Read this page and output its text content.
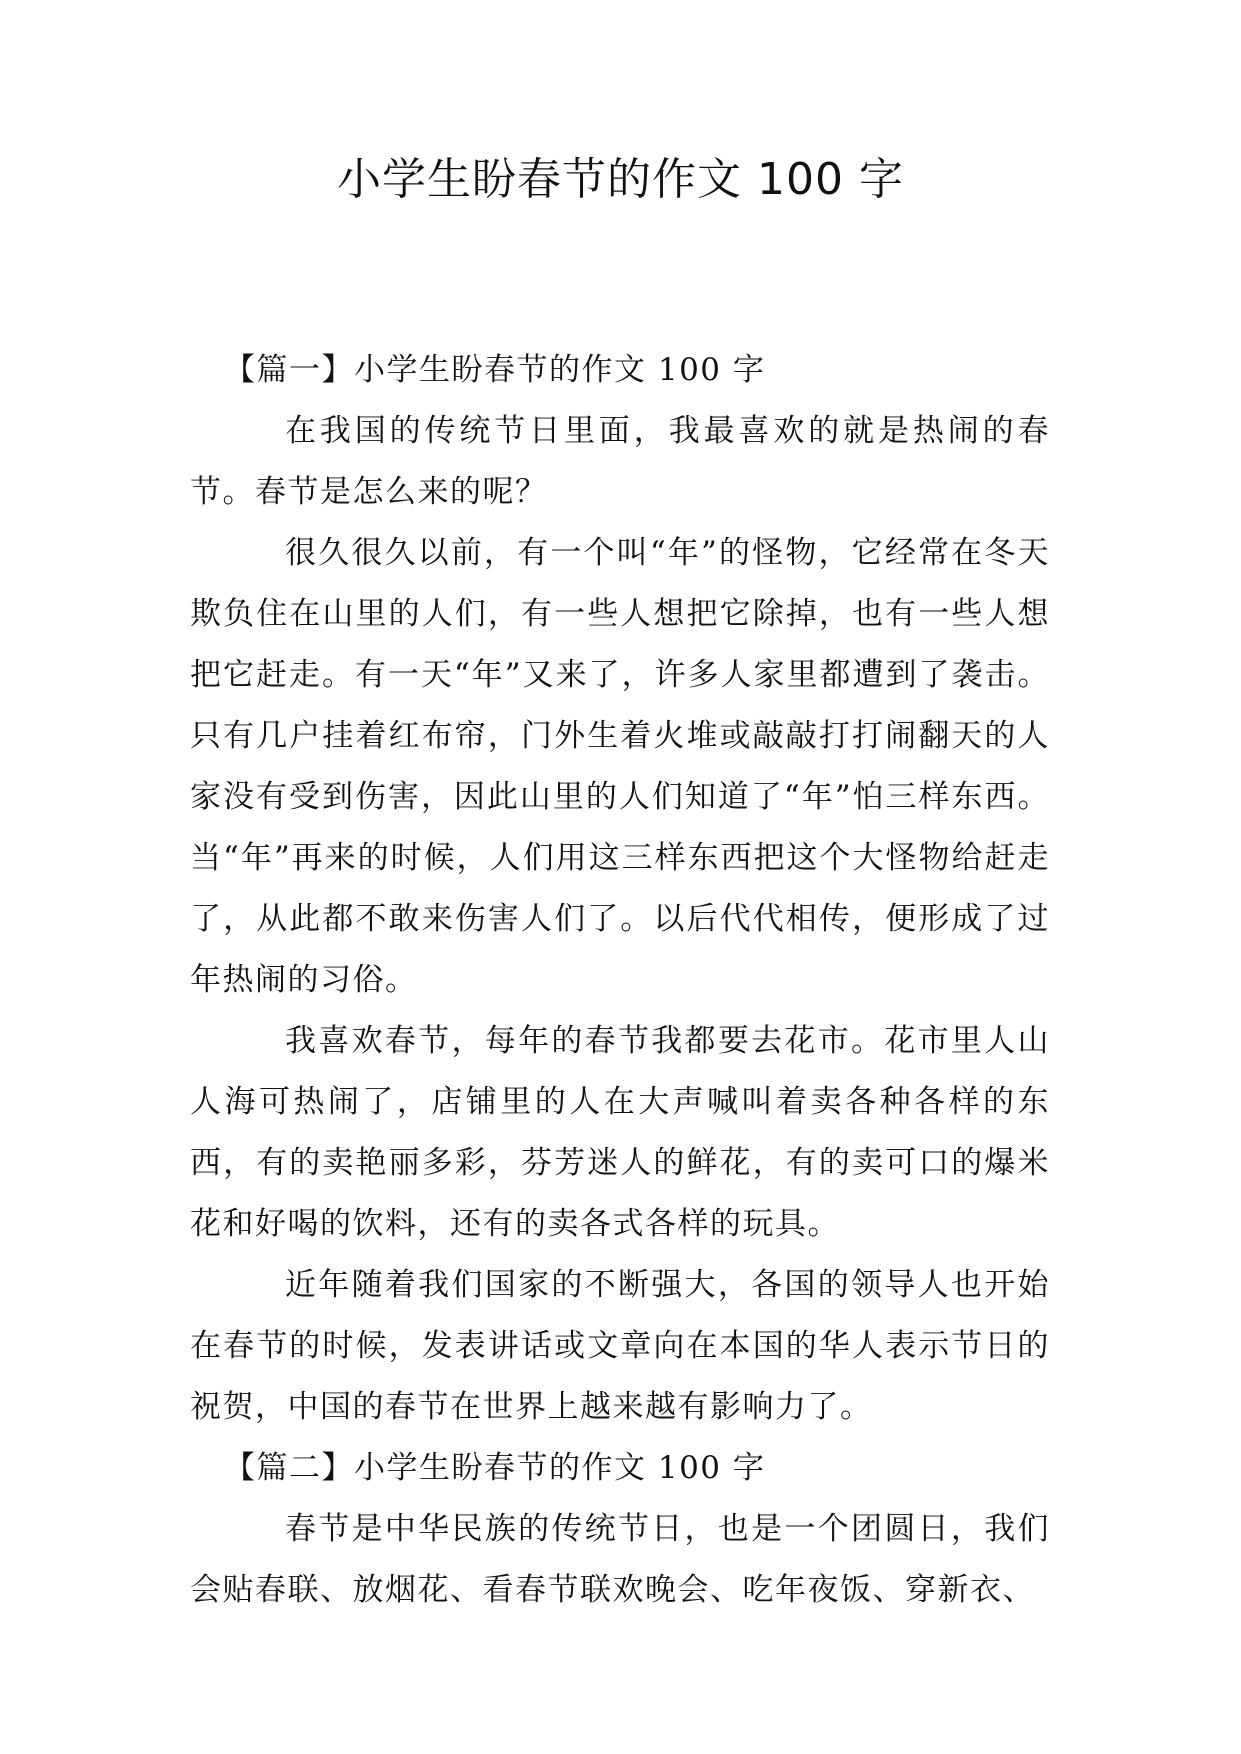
小学生盼春节的作文 100 字

【篇一】小学生盼春节的作文 100 字

在我国的传统节日里面，我最喜欢的就是热闹的春节。春节是怎么来的呢？

很久很久以前，有一个叫“年”的怪物，它经常在冬天欺负住在山里的人们，有一些人想把它除掉，也有一些人想把它赶走。有一天“年”又来了，许多人家里都遭到了袭击。只有几户挂着红布帘，门外生着火堆或敲敲打打闹翻天的人家没有受到伤害，因此山里的人们知道了“年”怕三样东西。当“年”再来的时候，人们用这三样东西把这个大怪物给赶走了，从此都不敢来伤害人们了。以后代代相传，便形成了过年热闹的习俗。

我喜欢春节，每年的春节我都要去花市。花市里人山人海可热闹了，店铺里的人在大声喊叫着卖各种各样的东西，有的卖艳丽多彩，芬芳迷人的鲜花，有的卖可口的爆米花和好喝的饮料，还有的卖各式各样的玩具。

近年随着我们国家的不断强大，各国的领导人也开始在春节的时候，发表讲话或文章向在本国的华人表示节日的祝贺，中国的春节在世界上越来越有影响力了。

【篇二】小学生盼春节的作文 100 字

春节是中华民族的传统节日，也是一个团圆日，我们会贴春联、放烟花、看春节联欢晚会、吃年夜饭、穿新衣、
